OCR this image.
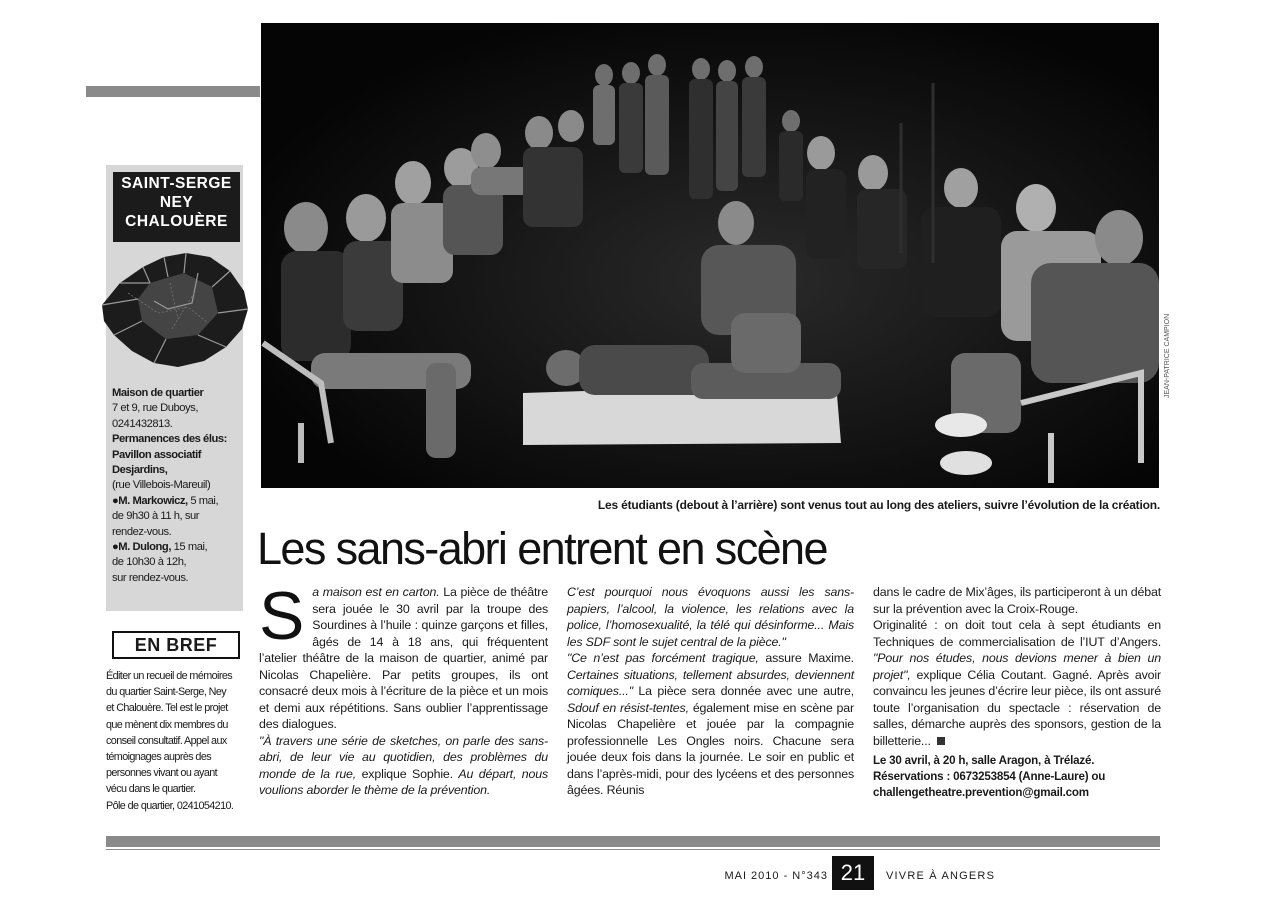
SAINT-SERGE
NEY
CHALOUÈRE

Maison de quartier

7 et 9, rue Duboys,

0241432813.

Permanences des élus:

Pavillon associatif

Desjardins,

(rue Villebois-Mareuil)

●M. Markowicz, 5 mai,

de 9h30 à 11 h, sur

rendez-vous.

●M. Dulong, 15 mai,

de 10h30 à 12h,

sur rendez-vous.

EN BREF

Éditer un recueil de mémoires

du quartier Saint-Serge, Ney

et Chalouère. Tel est le projet

que mènent dix membres du

conseil consultatif. Appel aux

témoignages auprès des

personnes vivant ou ayant

vécu dans le quartier.

Pôle de quartier, 0241054210.

JEAN-PATRICE CAMPION
Les étudiants (debout à l’arrière) sont venus tout au long des ateliers, suivre l’évolution de la création.
Les sans-abri entrent en scène

Sa maison est en carton. La pièce de théâtre sera jouée le 30 avril par la troupe des Sourdines à l’huile : quinze garçons et filles, âgés de 14 à 18 ans, qui fréquentent l’atelier théâtre de la maison de quartier, animé par Nicolas Chapelière. Par petits groupes, ils ont consacré deux mois à l’écriture de la pièce et un mois et demi aux répétitions. Sans oublier l’apprentissage des dialogues.

"À travers une série de sketches, on parle des sans-abri, de leur vie au quotidien, des problèmes du monde de la rue, explique Sophie. Au départ, nous voulions aborder le thème de la prévention.

C’est pourquoi nous évoquons aussi les sans-papiers, l’alcool, la violence, les relations avec la police, l’homosexualité, la télé qui désinforme... Mais les SDF sont le sujet central de la pièce."

"Ce n’est pas forcément tragique, assure Maxime. Certaines situations, tellement absurdes, deviennent comiques..." La pièce sera donnée avec une autre, Sdouf en résist-tentes, également mise en scène par Nicolas Chapelière et jouée par la compagnie professionnelle Les Ongles noirs. Chacune sera jouée deux fois dans la journée. Le soir en public et dans l’après-midi, pour des lycéens et des personnes âgées. Réunis

dans le cadre de Mix’âges, ils participeront à un débat sur la prévention avec la Croix-Rouge.

Originalité : on doit tout cela à sept étudiants en Techniques de commercialisation de l’IUT d’Angers. "Pour nos études, nous devions mener à bien un projet", explique Célia Coutant. Gagné. Après avoir convaincu les jeunes d’écrire leur pièce, ils ont assuré toute l’organisation du spectacle : réservation de salles, démarche auprès des sponsors, gestion de la billetterie...

Le 30 avril, à 20 h, salle Aragon, à Trélazé.
Réservations : 0673253854 (Anne-Laure) ou
challengetheatre.prevention@gmail.com

MAI 2010 - N°343 21	VIVRE À ANGERS
